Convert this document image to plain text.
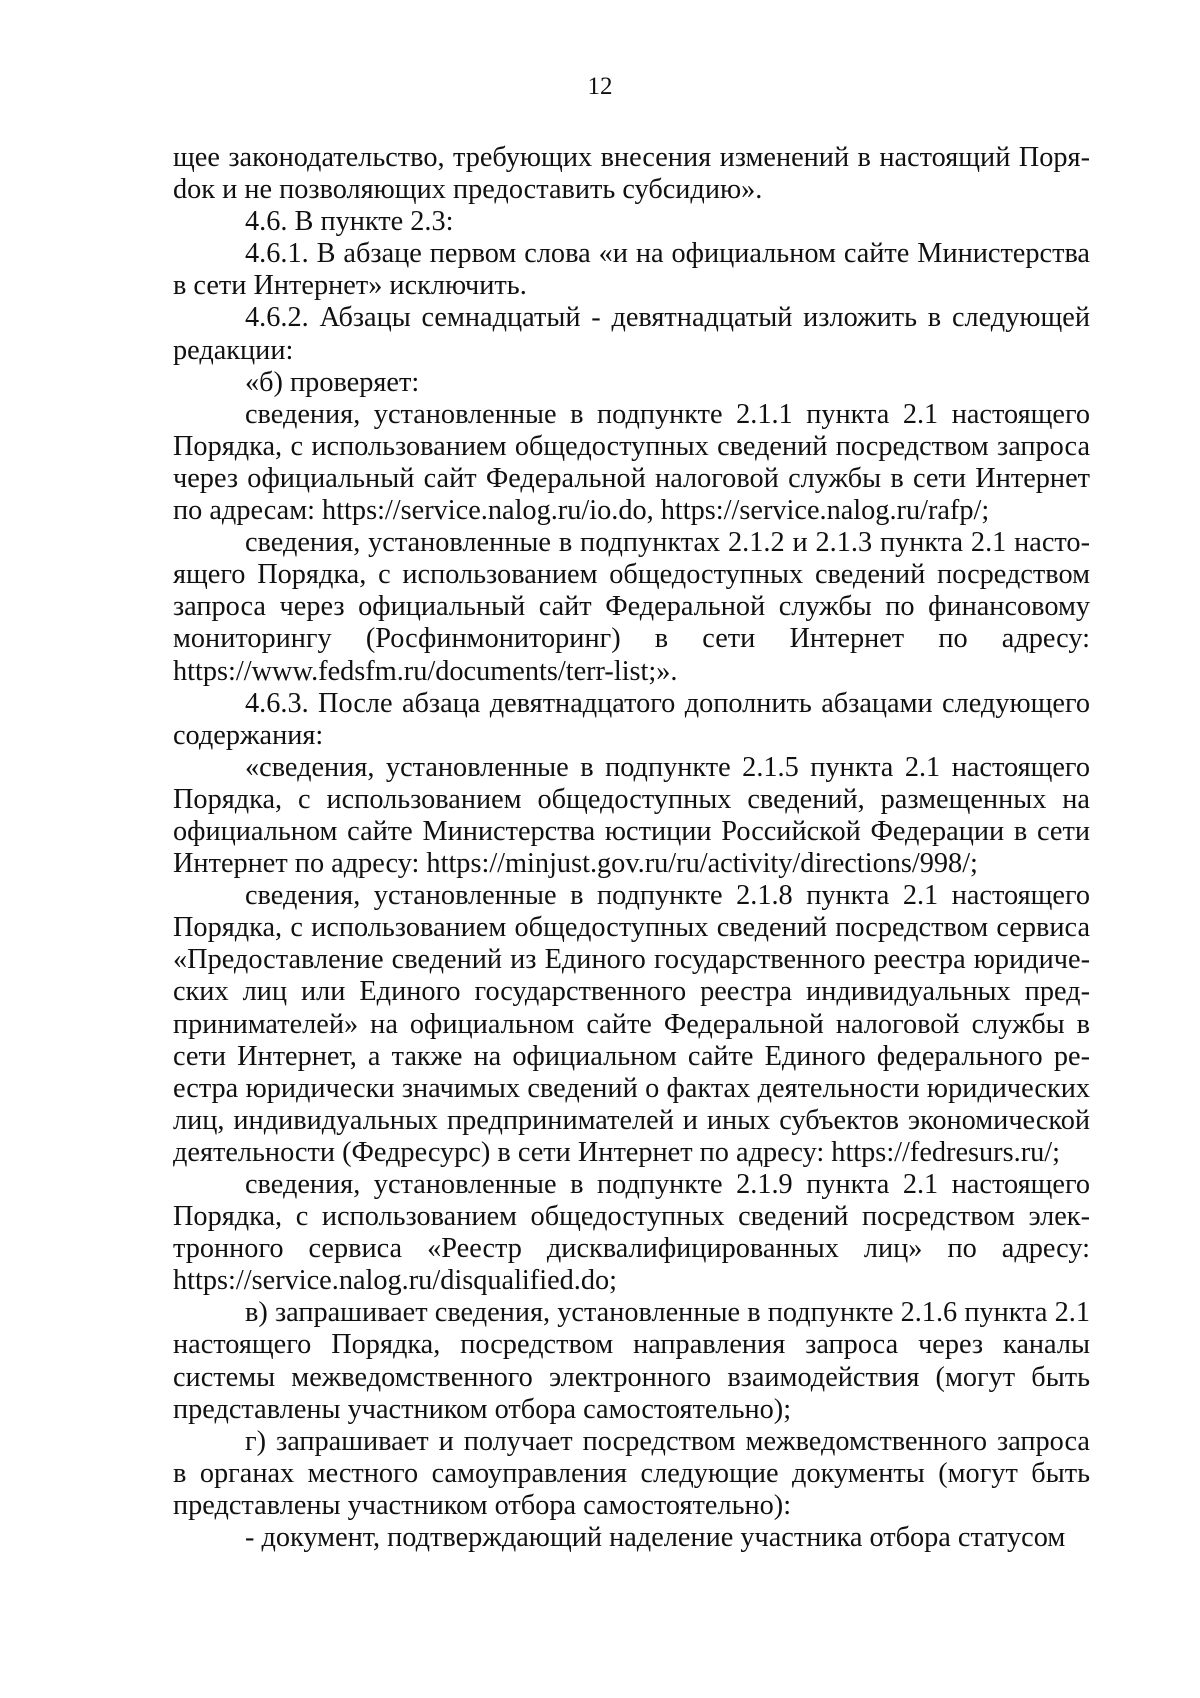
12

щее законодательство, требующих внесения изменений в настоящий Поряdок и не позволяющих предоставить субсидию».

4.6. В пункте 2.3:

4.6.1. В абзаце первом слова «и на официальном сайте Министерства в сети Интернет» исключить.

4.6.2. Абзацы семнадцатый - девятнадцатый изложить в следующей редакции:

«б) проверяет:

сведения, установленные в подпункте 2.1.1 пункта 2.1 настоящего Порядка, с использованием общедоступных сведений посредством запроса через официальный сайт Федеральной налоговой службы в сети Интернет по адресам: https://service.nalog.ru/io.do, https://service.nalog.ru/rafp/;

сведения, установленные в подпунктах 2.1.2 и 2.1.3 пункта 2.1 настоящего Порядка, с использованием общедоступных сведений посредством запроса через официальный сайт Федеральной службы по финансовому мониторингу (Росфинмониторинг) в сети Интернет по адресу: https://www.fedsfm.ru/documents/terr-list;».

4.6.3. После абзаца девятнадцатого дополнить абзацами следующего содержания:

«сведения, установленные в подпункте 2.1.5 пункта 2.1 настоящего Порядка, с использованием общедоступных сведений, размещенных на официальном сайте Министерства юстиции Российской Федерации в сети Интернет по адресу: https://minjust.gov.ru/ru/activity/directions/998/;

сведения, установленные в подпункте 2.1.8 пункта 2.1 настоящего Порядка, с использованием общедоступных сведений посредством сервиса «Предоставление сведений из Единого государственного реестра юридических лиц или Единого государственного реестра индивидуальных предпринимателей» на официальном сайте Федеральной налоговой службы в сети Интернет, а также на официальном сайте Единого федерального реестра юридически значимых сведений о фактах деятельности юридических лиц, индивидуальных предпринимателей и иных субъектов экономической деятельности (Федресурс) в сети Интернет по адресу: https://fedresurs.ru/;

сведения, установленные в подпункте 2.1.9 пункта 2.1 настоящего Порядка, с использованием общедоступных сведений посредством электронного сервиса «Реестр дисквалифицированных лиц» по адресу: https://service.nalog.ru/disqualified.do;

в) запрашивает сведения, установленные в подпункте 2.1.6 пункта 2.1 настоящего Порядка, посредством направления запроса через каналы системы межведомственного электронного взаимодействия (могут быть представлены участником отбора самостоятельно);

г) запрашивает и получает посредством межведомственного запроса в органах местного самоуправления следующие документы (могут быть представлены участником отбора самостоятельно):

- документ, подтверждающий наделение участника отбора статусом
